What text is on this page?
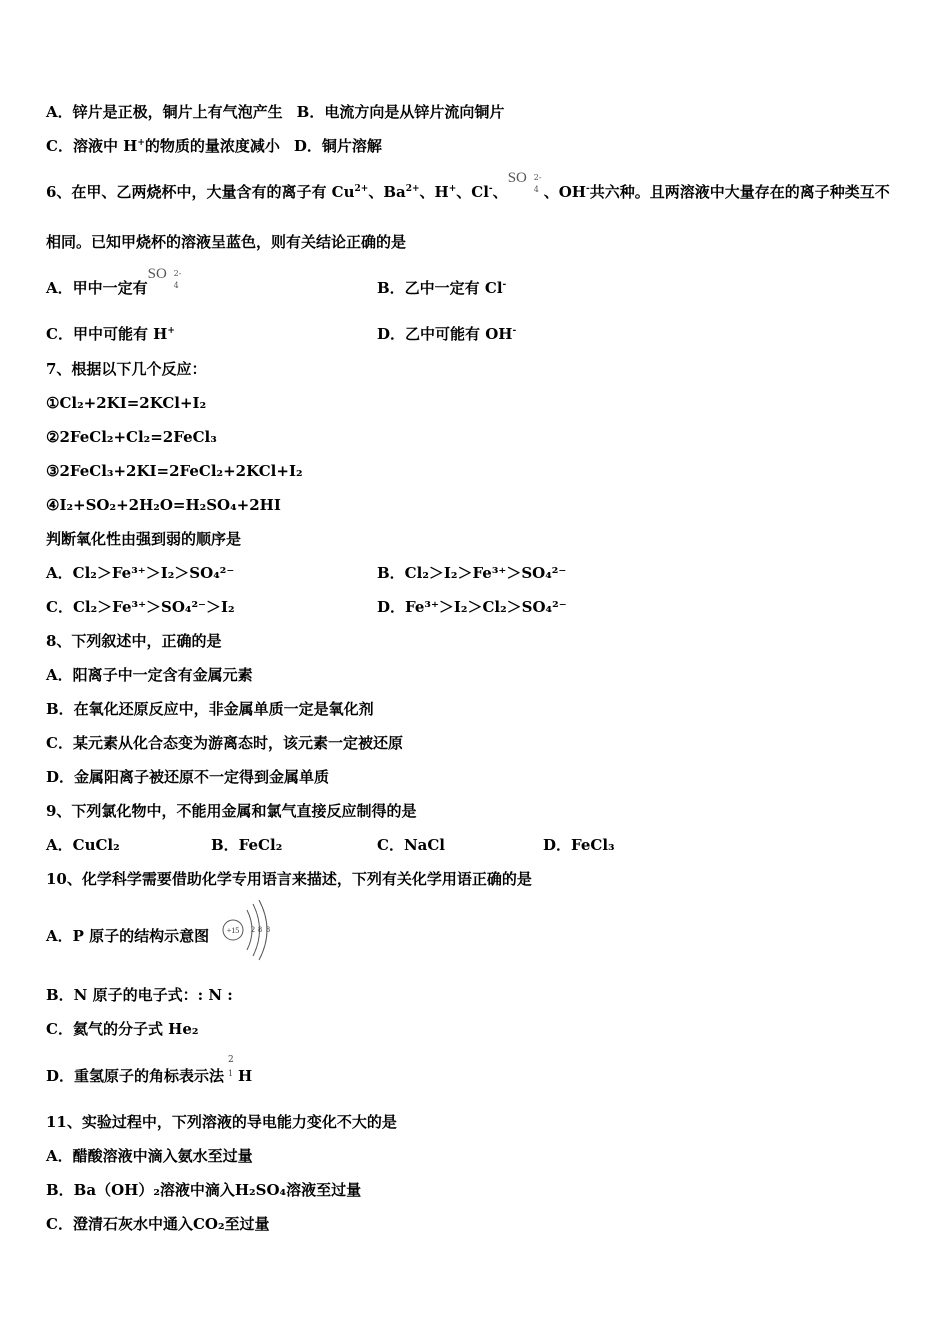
A．锌片是正极，铜片上有气泡产生 B．电流方向是从锌片流向铜片
C．溶液中 H+的物质的量浓度减小 D．铜片溶解
6、在甲、乙两烧杯中，大量含有的离子有 $Cu^{2+}$、$Ba^{2+}$、H+、Cl-、
SO 2-
4 、OH-共六种。且两溶液中大量存在的离子种类互不
相同。已知甲烧杯的溶液呈蓝色，则有关结论正确的是
A．甲中一定有
SO 2-
4	B．乙中一定有 Cl-
C．甲中可能有 H+	D．乙中可能有 OH-
7、根据以下几个反应：
①Cl₂+2KI=2KCl+I₂
②2FeCl₂+Cl₂=2FeCl₃
③2FeCl₃+2KI=2FeCl₂+2KCl+I₂
④I₂+SO₂+2H₂O=H₂SO₄+2HI
判断氧化性由强到弱的顺序是
A．Cl₂＞Fe³⁺＞I₂＞SO₄²⁻	B．Cl₂＞I₂＞Fe³⁺＞SO₄²⁻
C．Cl₂＞Fe³⁺＞SO₄²⁻＞I₂	D．Fe³⁺＞I₂＞Cl₂＞SO₄²⁻
8、下列叙述中，正确的是
A．阳离子中一定含有金属元素
B．在氧化还原反应中，非金属单质一定是氧化剂
C．某元素从化合态变为游离态时，该元素一定被还原
D．金属阳离子被还原不一定得到金属单质
9、下列氯化物中，不能用金属和氯气直接反应制得的是
A．CuCl₂	B．FeCl₂	C．NaCl	D．FeCl₃
10、化学科学需要借助化学专用语言来描述，下列有关化学用语正确的是
A．P 原子的结构示意图 +15 2 8 8
B．N 原子的电子式：: N :
C．氦气的分子式 He₂
D．重氢原子的角标表示法
2
1 H
11、实验过程中，下列溶液的导电能力变化不大的是
A．醋酸溶液中滴入氨水至过量
B．Ba（OH）₂溶液中滴入H₂SO₄溶液至过量
C．澄清石灰水中通入CO₂至过量
